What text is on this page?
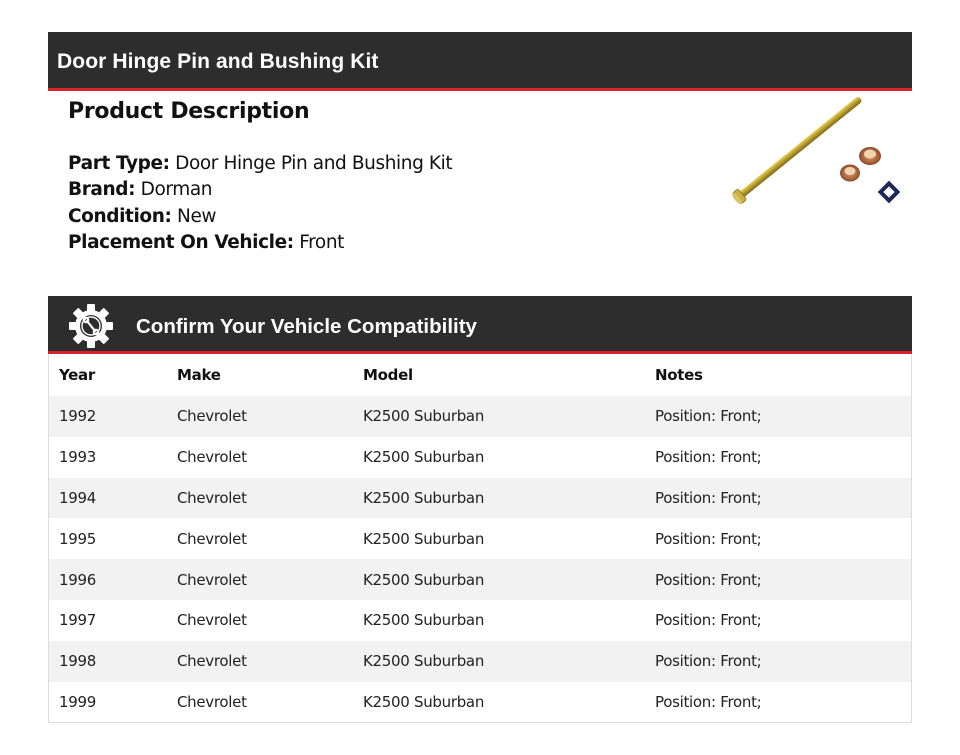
Door Hinge Pin and Bushing Kit
Product Description
Part Type: Door Hinge Pin and Bushing Kit
Brand: Dorman
Condition: New
Placement On Vehicle: Front
Confirm Your Vehicle Compatibility
Year	Make	Model	Notes
1992	Chevrolet	K2500 Suburban	Position: Front;
1993	Chevrolet	K2500 Suburban	Position: Front;
1994	Chevrolet	K2500 Suburban	Position: Front;
1995	Chevrolet	K2500 Suburban	Position: Front;
1996	Chevrolet	K2500 Suburban	Position: Front;
1997	Chevrolet	K2500 Suburban	Position: Front;
1998	Chevrolet	K2500 Suburban	Position: Front;
1999	Chevrolet	K2500 Suburban	Position: Front;
